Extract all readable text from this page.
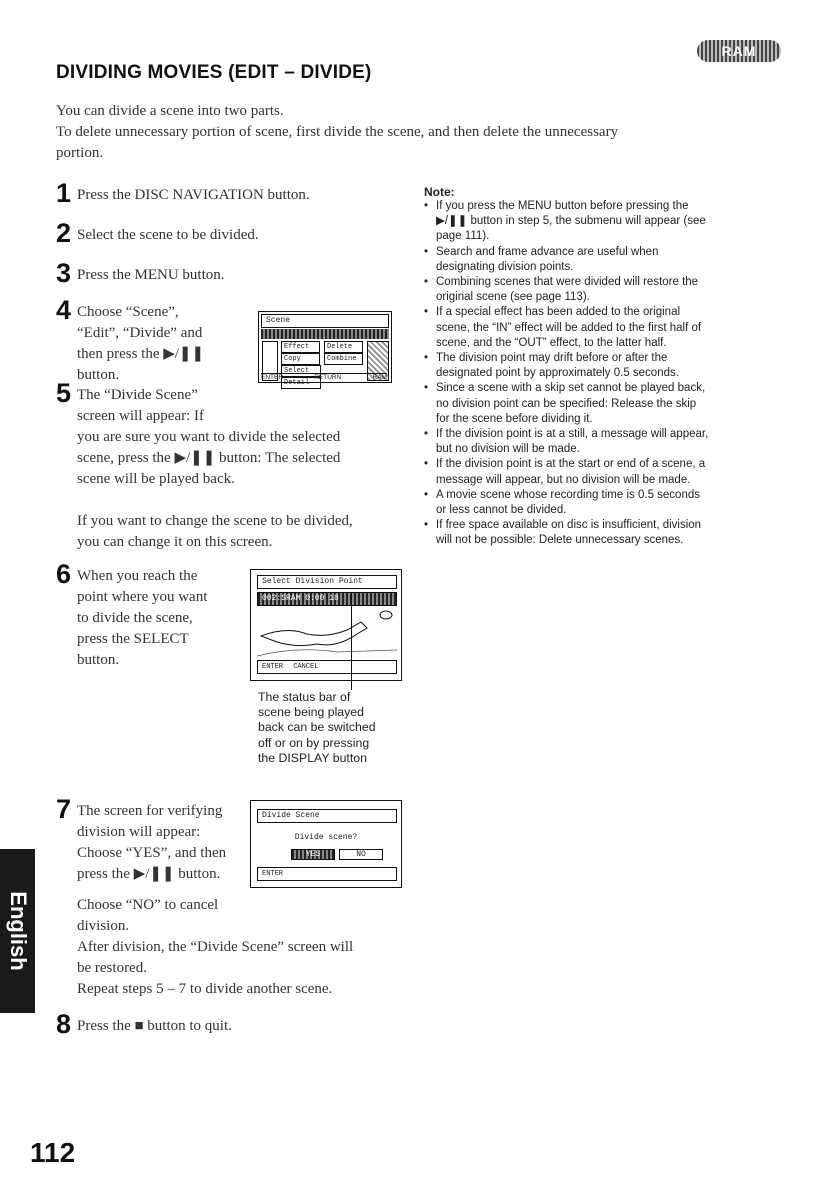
RAM
DIVIDING MOVIES (EDIT – DIVIDE)
You can divide a scene into two parts.
To delete unnecessary portion of scene, first divide the scene, and then delete the unnecessary
portion.
1 Press the DISC NAVIGATION button.
2 Select the scene to be divided.
3 Press the MENU button.
4 Choose “Scene”,
“Edit”, “Divide” and
then press the ▶/❚❚
button.
Scene
Effect	Delete
Copy	Combine
Select
Detail
ENTER	RETURN	RAM
5 The “Divide Scene”
screen will appear: If
you are sure you want to divide the selected
scene, press the ▶/❚❚ button: The selected
scene will be played back.
If you want to change the scene to be divided,
you can change it on this screen.
6 When you reach the
point where you want
to divide the scene,
press the SELECT
button.
Select Division Point
002:SRAM 0:00 18
ENTER CANCEL
The status bar of
scene being played
back can be switched
off or on by pressing
the DISPLAY button
7 The screen for verifying
division will appear:
Choose “YES”, and then
press the ▶/❚❚ button.
Choose “NO” to cancel
division.
After division, the “Divide Scene” screen will
be restored.
Repeat steps 5 – 7 to divide another scene.
Divide Scene
Divide scene?
YES	NO
ENTER
8 Press the ■ button to quit.
Note:
• If you press the MENU button before pressing the
▶/❚❚ button in step 5, the submenu will appear (see
page 111).
• Search and frame advance are useful when
designating division points.
• Combining scenes that were divided will restore the
original scene (see page 113).
• If a special effect has been added to the original
scene, the “IN” effect will be added to the first half of
scene, and the “OUT” effect, to the latter half.
• The division point may drift before or after the
designated point by approximately 0.5 seconds.
• Since a scene with a skip set cannot be played back,
no division point can be specified: Release the skip
for the scene before dividing it.
• If the division point is at a still, a message will appear,
but no division will be made.
• If the division point is at the start or end of a scene, a
message will appear, but no division will be made.
• A movie scene whose recording time is 0.5 seconds
or less cannot be divided.
• If free space available on disc is insufficient, division
will not be possible: Delete unnecessary scenes.
English
112
